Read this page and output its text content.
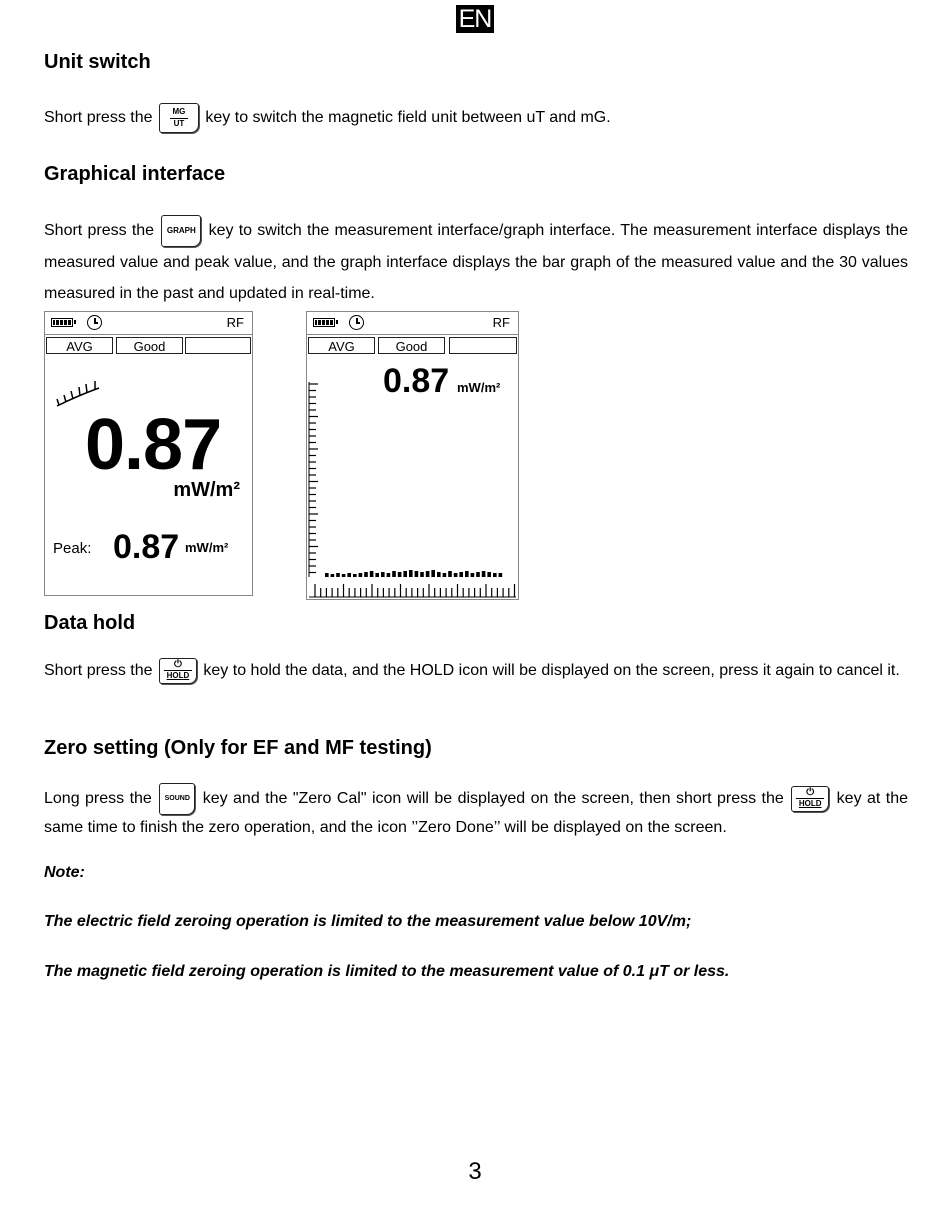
EN
Unit switch
Short press the $\frac{MG}{UT}$ key to switch the magnetic field unit between uT and mG.
Graphical interface
Short press the GRAPH key to switch the measurement interface/graph interface. The measurement interface displays the measured value and peak value, and the graph interface displays the bar graph of the measured value and the 30 values measured in the past and updated in real-time.
RF
AVG	Good
0.87
mW/m²
Peak: 0.87 mW/m²
RF
AVG	Good
0.87 mW/m²
Data hold
Short press the	⏻
HOLD key to hold the data, and the HOLD icon will be displayed on the screen, press it again to cancel it.
Zero setting (Only for EF and MF testing)
Long press the SOUND key and the "Zero Cal" icon will be displayed on the screen, then short press the	⏻
HOLD key at the same time to finish the zero operation, and the icon ’’Zero Done’’ will be displayed on the screen.
Note:
The electric field zeroing operation is limited to the measurement value below 10V/m;
The magnetic field zeroing operation is limited to the measurement value of 0.1 μT or less.
3
